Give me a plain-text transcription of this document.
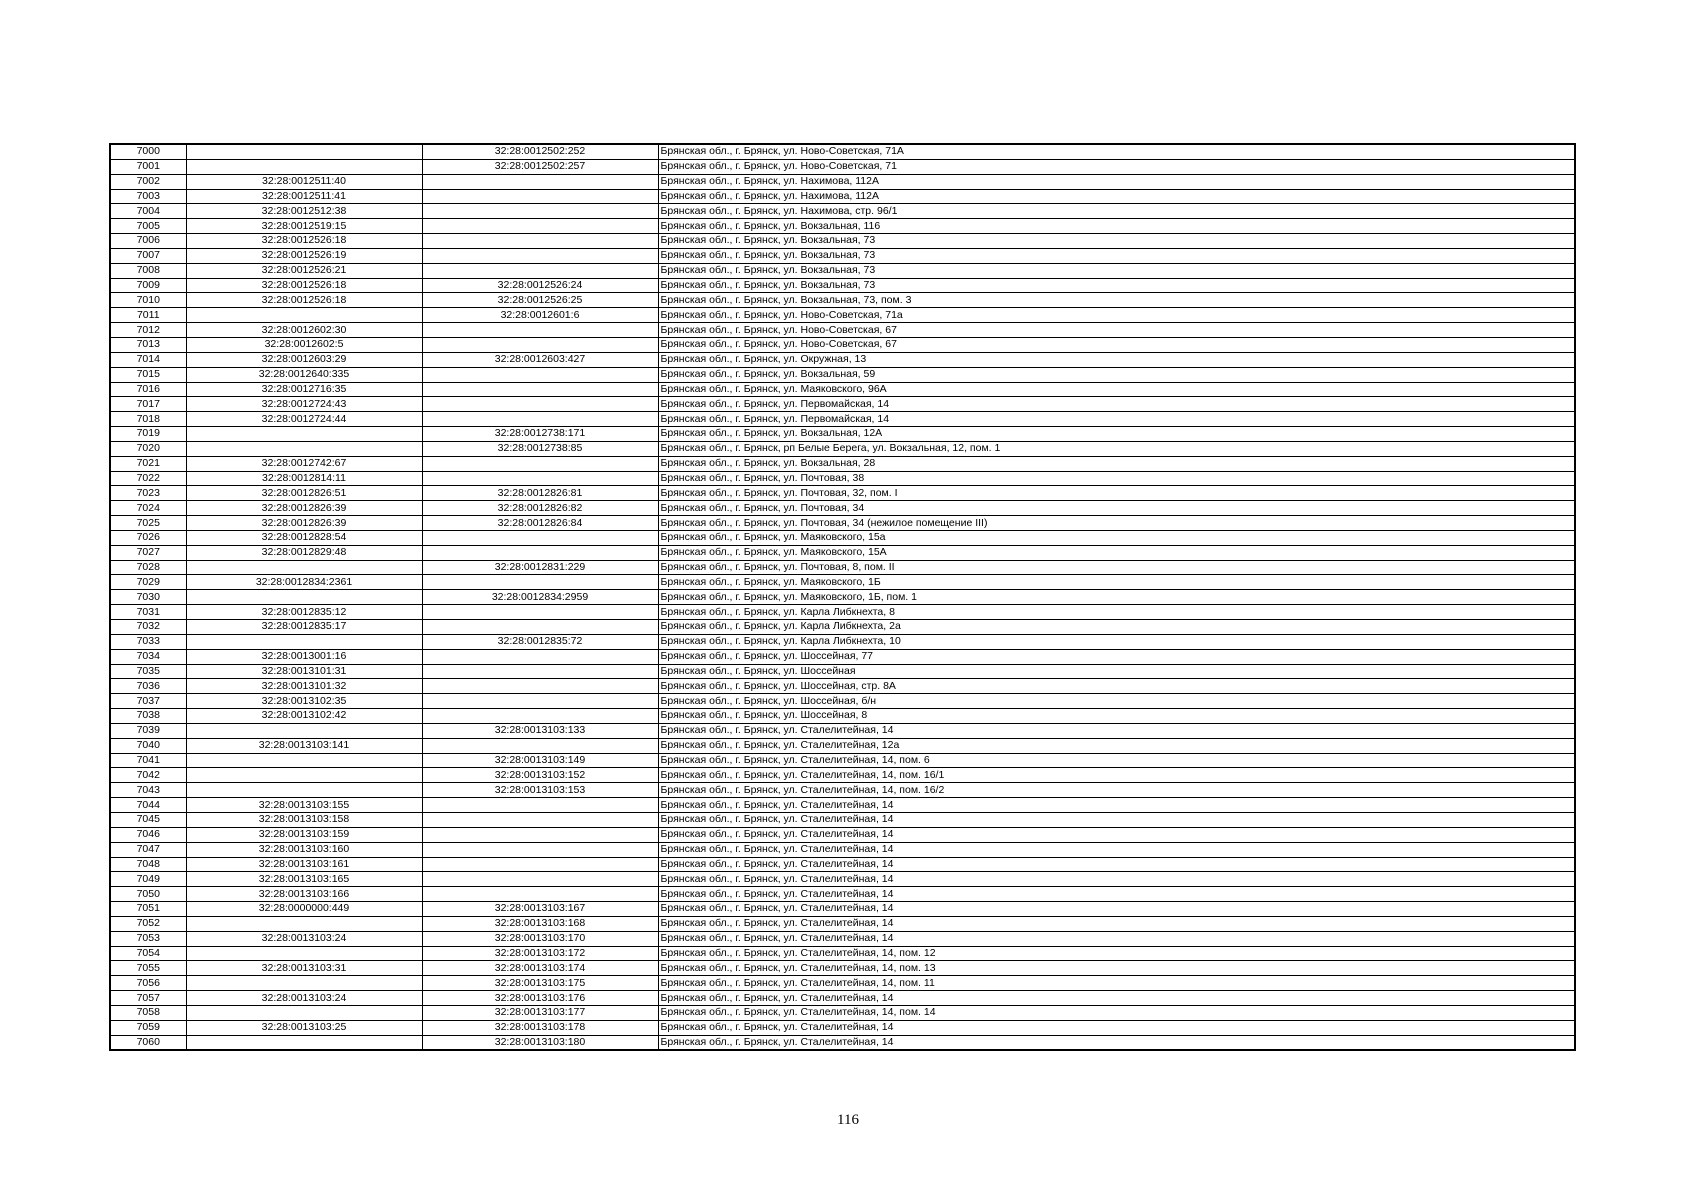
7000		32:28:0012502:252	Брянская обл., г. Брянск, ул. Ново-Советская, 71А
7001		32:28:0012502:257	Брянская обл., г. Брянск, ул. Ново-Советская, 71
7002	32:28:0012511:40		Брянская обл., г. Брянск, ул. Нахимова, 112А
7003	32:28:0012511:41		Брянская обл., г. Брянск, ул. Нахимова, 112А
7004	32:28:0012512:38		Брянская обл., г. Брянск, ул. Нахимова, стр. 96/1
7005	32:28:0012519:15		Брянская обл., г. Брянск, ул. Вокзальная, 116
7006	32:28:0012526:18		Брянская обл., г. Брянск, ул. Вокзальная, 73
7007	32:28:0012526:19		Брянская обл., г. Брянск, ул. Вокзальная, 73
7008	32:28:0012526:21		Брянская обл., г. Брянск, ул. Вокзальная, 73
7009	32:28:0012526:18	32:28:0012526:24	Брянская обл., г. Брянск, ул. Вокзальная, 73
7010	32:28:0012526:18	32:28:0012526:25	Брянская обл., г. Брянск, ул. Вокзальная, 73, пом. 3
7011		32:28:0012601:6	Брянская обл., г. Брянск, ул. Ново-Советская, 71а
7012	32:28:0012602:30		Брянская обл., г. Брянск, ул. Ново-Советская, 67
7013	32:28:0012602:5		Брянская обл., г. Брянск, ул. Ново-Советская, 67
7014	32:28:0012603:29	32:28:0012603:427	Брянская обл., г. Брянск, ул. Окружная, 13
7015	32:28:0012640:335		Брянская обл., г. Брянск, ул. Вокзальная, 59
7016	32:28:0012716:35		Брянская обл., г. Брянск, ул. Маяковского, 96А
7017	32:28:0012724:43		Брянская обл., г. Брянск, ул. Первомайская, 14
7018	32:28:0012724:44		Брянская обл., г. Брянск, ул. Первомайская, 14
7019		32:28:0012738:171	Брянская обл., г. Брянск, ул. Вокзальная, 12А
7020		32:28:0012738:85	Брянская обл., г. Брянск, рп Белые Берега, ул. Вокзальная, 12, пом. 1
7021	32:28:0012742:67		Брянская обл., г. Брянск, ул. Вокзальная, 28
7022	32:28:0012814:11		Брянская обл., г. Брянск, ул. Почтовая, 38
7023	32:28:0012826:51	32:28:0012826:81	Брянская обл., г. Брянск, ул. Почтовая, 32, пом. I
7024	32:28:0012826:39	32:28:0012826:82	Брянская обл., г. Брянск, ул. Почтовая, 34
7025	32:28:0012826:39	32:28:0012826:84	Брянская обл., г. Брянск, ул. Почтовая, 34 (нежилое помещение III)
7026	32:28:0012828:54		Брянская обл., г. Брянск, ул. Маяковского, 15а
7027	32:28:0012829:48		Брянская обл., г. Брянск, ул. Маяковского, 15А
7028		32:28:0012831:229	Брянская обл., г. Брянск, ул. Почтовая, 8, пом. II
7029	32:28:0012834:2361		Брянская обл., г. Брянск, ул. Маяковского, 1Б
7030		32:28:0012834:2959	Брянская обл., г. Брянск, ул. Маяковского, 1Б, пом. 1
7031	32:28:0012835:12		Брянская обл., г. Брянск, ул. Карла Либкнехта, 8
7032	32:28:0012835:17		Брянская обл., г. Брянск, ул. Карла Либкнехта, 2а
7033		32:28:0012835:72	Брянская обл., г. Брянск, ул. Карла Либкнехта, 10
7034	32:28:0013001:16		Брянская обл., г. Брянск, ул. Шоссейная, 77
7035	32:28:0013101:31		Брянская обл., г. Брянск, ул. Шоссейная
7036	32:28:0013101:32		Брянская обл., г. Брянск, ул. Шоссейная, стр. 8А
7037	32:28:0013102:35		Брянская обл., г. Брянск, ул. Шоссейная, б/н
7038	32:28:0013102:42		Брянская обл., г. Брянск, ул. Шоссейная, 8
7039		32:28:0013103:133	Брянская обл., г. Брянск, ул. Сталелитейная, 14
7040	32:28:0013103:141		Брянская обл., г. Брянск, ул. Сталелитейная, 12а
7041		32:28:0013103:149	Брянская обл., г. Брянск, ул. Сталелитейная, 14, пом. 6
7042		32:28:0013103:152	Брянская обл., г. Брянск, ул. Сталелитейная, 14, пом. 16/1
7043		32:28:0013103:153	Брянская обл., г. Брянск, ул. Сталелитейная, 14, пом. 16/2
7044	32:28:0013103:155		Брянская обл., г. Брянск, ул. Сталелитейная, 14
7045	32:28:0013103:158		Брянская обл., г. Брянск, ул. Сталелитейная, 14
7046	32:28:0013103:159		Брянская обл., г. Брянск, ул. Сталелитейная, 14
7047	32:28:0013103:160		Брянская обл., г. Брянск, ул. Сталелитейная, 14
7048	32:28:0013103:161		Брянская обл., г. Брянск, ул. Сталелитейная, 14
7049	32:28:0013103:165		Брянская обл., г. Брянск, ул. Сталелитейная, 14
7050	32:28:0013103:166		Брянская обл., г. Брянск, ул. Сталелитейная, 14
7051	32:28:0000000:449	32:28:0013103:167	Брянская обл., г. Брянск, ул. Сталелитейная, 14
7052		32:28:0013103:168	Брянская обл., г. Брянск, ул. Сталелитейная, 14
7053	32:28:0013103:24	32:28:0013103:170	Брянская обл., г. Брянск, ул. Сталелитейная, 14
7054		32:28:0013103:172	Брянская обл., г. Брянск, ул. Сталелитейная, 14, пом. 12
7055	32:28:0013103:31	32:28:0013103:174	Брянская обл., г. Брянск, ул. Сталелитейная, 14, пом. 13
7056		32:28:0013103:175	Брянская обл., г. Брянск, ул. Сталелитейная, 14, пом. 11
7057	32:28:0013103:24	32:28:0013103:176	Брянская обл., г. Брянск, ул. Сталелитейная, 14
7058		32:28:0013103:177	Брянская обл., г. Брянск, ул. Сталелитейная, 14, пом. 14
7059	32:28:0013103:25	32:28:0013103:178	Брянская обл., г. Брянск, ул. Сталелитейная, 14
7060		32:28:0013103:180	Брянская обл., г. Брянск, ул. Сталелитейная, 14
116
